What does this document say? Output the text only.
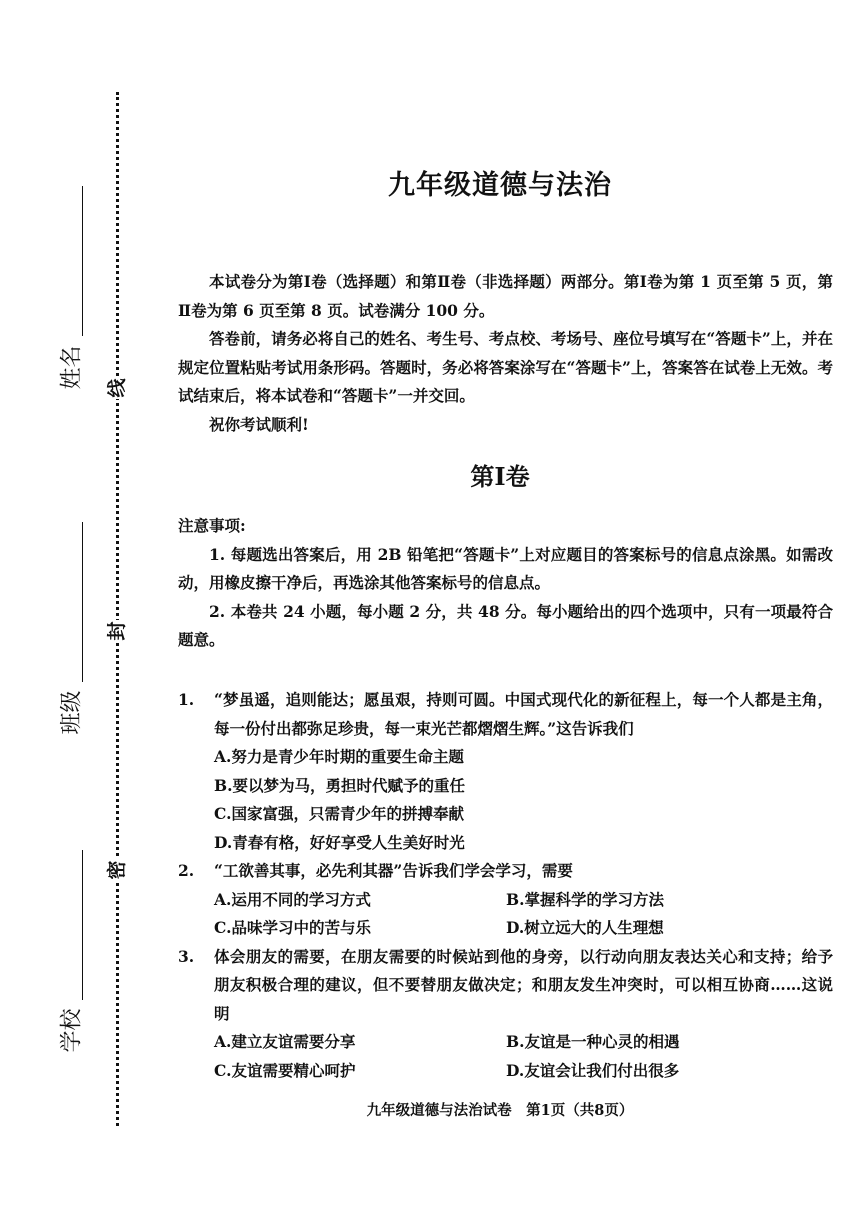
线
封
密
姓名
班级
学校
九年级道德与法治

本试卷分为第Ⅰ卷（选择题）和第Ⅱ卷（非选择题）两部分。第Ⅰ卷为第 1 页至第 5 页，第Ⅱ卷为第 6 页至第 8 页。试卷满分 100 分。

答卷前，请务必将自己的姓名、考生号、考点校、考场号、座位号填写在“答题卡”上，并在规定位置粘贴考试用条形码。答题时，务必将答案涂写在“答题卡”上，答案答在试卷上无效。考试结束后，将本试卷和“答题卡”一并交回。

祝你考试顺利!

第Ⅰ卷

注意事项:

1. 每题选出答案后，用 2B 铅笔把“答题卡”上对应题目的答案标号的信息点涂黑。如需改动，用橡皮擦干净后，再选涂其他答案标号的信息点。

2. 本卷共 24 小题，每小题 2 分，共 48 分。每小题给出的四个选项中，只有一项最符合题意。

1. “梦虽遥，追则能达；愿虽艰，持则可圆。中国式现代化的新征程上，每一个人都是主角，每一份付出都弥足珍贵，每一束光芒都熠熠生辉。”这告诉我们
A.努力是青少年时期的重要生命主题
B.要以梦为马，勇担时代赋予的重任
C.国家富强，只需青少年的拼搏奉献
D.青春有格，好好享受人生美好时光
2. “工欲善其事，必先利其器”告诉我们学会学习，需要
A.运用不同的学习方式	B.掌握科学的学习方法
C.品味学习中的苦与乐	D.树立远大的人生理想
3. 体会朋友的需要，在朋友需要的时候站到他的身旁，以行动向朋友表达关心和支持；给予朋友积极合理的建议，但不要替朋友做决定；和朋友发生冲突时，可以相互协商……这说明
A.建立友谊需要分享	B.友谊是一种心灵的相遇
C.友谊需要精心呵护	D.友谊会让我们付出很多
九年级道德与法治试卷　第1页（共8页）
